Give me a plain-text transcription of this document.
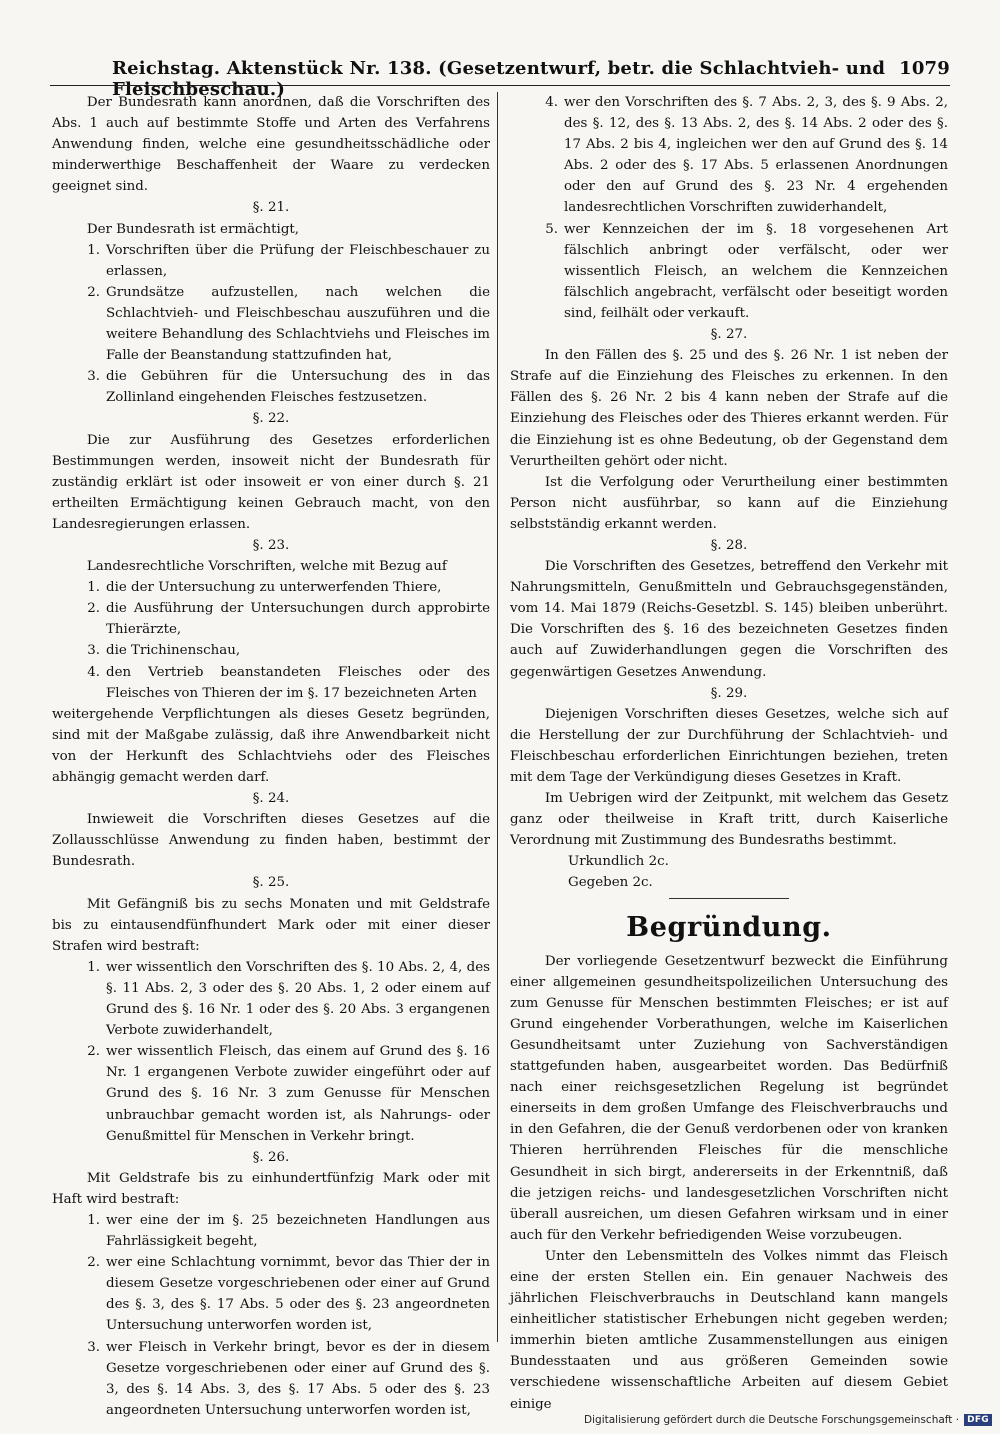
Reichstag. Aktenstück Nr. 138. (Gesetzentwurf, betr. die Schlachtvieh- und Fleischbeschau.)
1079

Der Bundesrath kann anordnen, daß die Vorschriften des Abs. 1 auch auf bestimmte Stoffe und Arten des Verfahrens Anwendung finden, welche eine gesundheitsschädliche oder minderwerthige Beschaffenheit der Waare zu verdecken geeignet sind.

§. 21.

Der Bundesrath ist ermächtigt,

1. Vorschriften über die Prüfung der Fleischbeschauer zu erlassen,
2. Grundsätze aufzustellen, nach welchen die Schlachtvieh- und Fleischbeschau auszuführen und die weitere Behandlung des Schlachtviehs und Fleisches im Falle der Beanstandung stattzufinden hat,
3. die Gebühren für die Untersuchung des in das Zollinland eingehenden Fleisches festzusetzen.

§. 22.

Die zur Ausführung des Gesetzes erforderlichen Bestimmungen werden, insoweit nicht der Bundesrath für zuständig erklärt ist oder insoweit er von einer durch §. 21 ertheilten Ermächtigung keinen Gebrauch macht, von den Landesregierungen erlassen.

§. 23.

Landesrechtliche Vorschriften, welche mit Bezug auf

1. die der Untersuchung zu unterwerfenden Thiere,
2. die Ausführung der Untersuchungen durch approbirte Thierärzte,
3. die Trichinenschau,
4. den Vertrieb beanstandeten Fleisches oder des Fleisches von Thieren der im §. 17 bezeichneten Arten

weitergehende Verpflichtungen als dieses Gesetz begründen, sind mit der Maßgabe zulässig, daß ihre Anwendbarkeit nicht von der Herkunft des Schlachtviehs oder des Fleisches abhängig gemacht werden darf.

§. 24.

Inwieweit die Vorschriften dieses Gesetzes auf die Zollausschlüsse Anwendung zu finden haben, bestimmt der Bundesrath.

§. 25.

Mit Gefängniß bis zu sechs Monaten und mit Geldstrafe bis zu eintausendfünfhundert Mark oder mit einer dieser Strafen wird bestraft:

1. wer wissentlich den Vorschriften des §. 10 Abs. 2, 4, des §. 11 Abs. 2, 3 oder des §. 20 Abs. 1, 2 oder einem auf Grund des §. 16 Nr. 1 oder des §. 20 Abs. 3 ergangenen Verbote zuwiderhandelt,
2. wer wissentlich Fleisch, das einem auf Grund des §. 16 Nr. 1 ergangenen Verbote zuwider eingeführt oder auf Grund des §. 16 Nr. 3 zum Genusse für Menschen unbrauchbar gemacht worden ist, als Nahrungs- oder Genußmittel für Menschen in Verkehr bringt.

§. 26.

Mit Geldstrafe bis zu einhundertfünfzig Mark oder mit Haft wird bestraft:

1. wer eine der im §. 25 bezeichneten Handlungen aus Fahrlässigkeit begeht,
2. wer eine Schlachtung vornimmt, bevor das Thier der in diesem Gesetze vorgeschriebenen oder einer auf Grund des §. 3, des §. 17 Abs. 5 oder des §. 23 angeordneten Untersuchung unterworfen worden ist,
3. wer Fleisch in Verkehr bringt, bevor es der in diesem Gesetze vorgeschriebenen oder einer auf Grund des §. 3, des §. 14 Abs. 3, des §. 17 Abs. 5 oder des §. 23 angeordneten Untersuchung unterworfen worden ist,
4. wer den Vorschriften des §. 7 Abs. 2, 3, des §. 9 Abs. 2, des §. 12, des §. 13 Abs. 2, des §. 14 Abs. 2 oder des §. 17 Abs. 2 bis 4, ingleichen wer den auf Grund des §. 14 Abs. 2 oder des §. 17 Abs. 5 erlassenen Anordnungen oder den auf Grund des §. 23 Nr. 4 ergehenden landesrechtlichen Vorschriften zuwiderhandelt,
5. wer Kennzeichen der im §. 18 vorgesehenen Art fälschlich anbringt oder verfälscht, oder wer wissentlich Fleisch, an welchem die Kennzeichen fälschlich angebracht, verfälscht oder beseitigt worden sind, feilhält oder verkauft.

§. 27.

In den Fällen des §. 25 und des §. 26 Nr. 1 ist neben der Strafe auf die Einziehung des Fleisches zu erkennen. In den Fällen des §. 26 Nr. 2 bis 4 kann neben der Strafe auf die Einziehung des Fleisches oder des Thieres erkannt werden. Für die Einziehung ist es ohne Bedeutung, ob der Gegenstand dem Verurtheilten gehört oder nicht.

Ist die Verfolgung oder Verurtheilung einer bestimmten Person nicht ausführbar, so kann auf die Einziehung selbstständig erkannt werden.

§. 28.

Die Vorschriften des Gesetzes, betreffend den Verkehr mit Nahrungsmitteln, Genußmitteln und Gebrauchsgegenständen, vom 14. Mai 1879 (Reichs-Gesetzbl. S. 145) bleiben unberührt. Die Vorschriften des §. 16 des bezeichneten Gesetzes finden auch auf Zuwiderhandlungen gegen die Vorschriften des gegenwärtigen Gesetzes Anwendung.

§. 29.

Diejenigen Vorschriften dieses Gesetzes, welche sich auf die Herstellung der zur Durchführung der Schlachtvieh- und Fleischbeschau erforderlichen Einrichtungen beziehen, treten mit dem Tage der Verkündigung dieses Gesetzes in Kraft.

Im Uebrigen wird der Zeitpunkt, mit welchem das Gesetz ganz oder theilweise in Kraft tritt, durch Kaiserliche Verordnung mit Zustimmung des Bundesraths bestimmt.

Urkundlich 2c.

Gegeben 2c.

Begründung.

Der vorliegende Gesetzentwurf bezweckt die Einführung einer allgemeinen gesundheitspolizeilichen Untersuchung des zum Genusse für Menschen bestimmten Fleisches; er ist auf Grund eingehender Vorberathungen, welche im Kaiserlichen Gesundheitsamt unter Zuziehung von Sachverständigen stattgefunden haben, ausgearbeitet worden. Das Bedürfniß nach einer reichsgesetzlichen Regelung ist begründet einerseits in dem großen Umfange des Fleischverbrauchs und in den Gefahren, die der Genuß verdorbenen oder von kranken Thieren herrührenden Fleisches für die menschliche Gesundheit in sich birgt, andererseits in der Erkenntniß, daß die jetzigen reichs- und landesgesetzlichen Vorschriften nicht überall ausreichen, um diesen Gefahren wirksam und in einer auch für den Verkehr befriedigenden Weise vorzubeugen.

Unter den Lebensmitteln des Volkes nimmt das Fleisch eine der ersten Stellen ein. Ein genauer Nachweis des jährlichen Fleischverbrauchs in Deutschland kann mangels einheitlicher statistischer Erhebungen nicht gegeben werden; immerhin bieten amtliche Zusammenstellungen aus einigen Bundesstaaten und aus größeren Gemeinden sowie verschiedene wissenschaftliche Arbeiten auf diesem Gebiet einige

Digitalisierung gefördert durch die Deutsche Forschungsgemeinschaft · DFG
